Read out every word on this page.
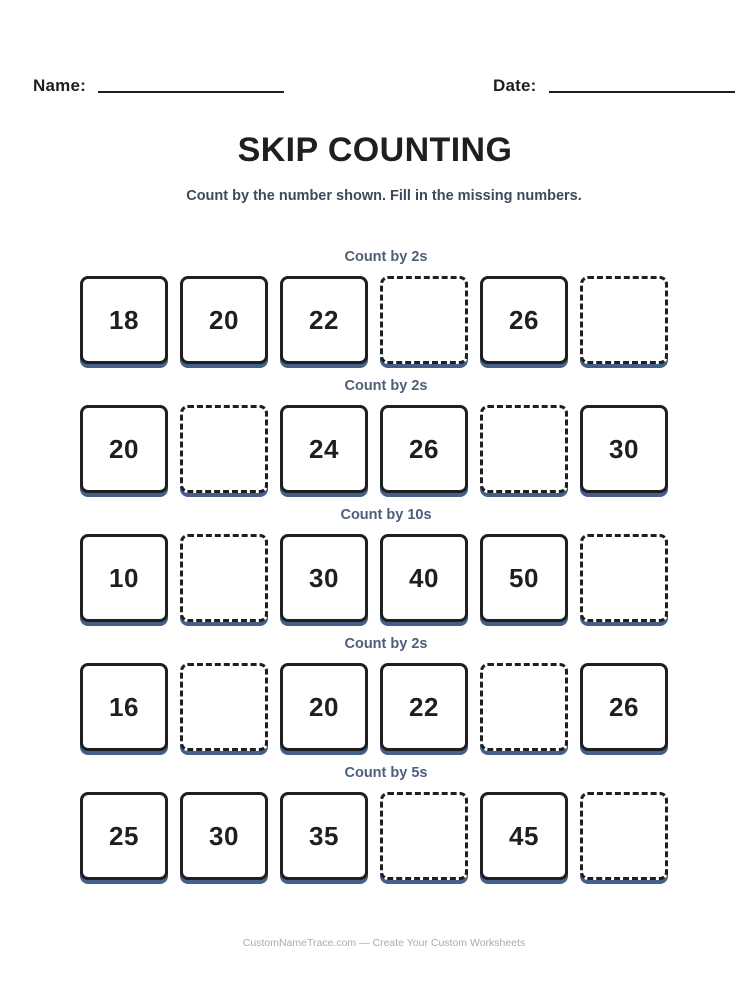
Name:	Date:
SKIP COUNTING

Count by the number shown. Fill in the missing numbers.

Count by 2s
18	20	22	26
Count by 2s
20	24	26	30
Count by 10s
10	30	40	50
Count by 2s
16	20	22	26
Count by 5s
25	30	35	45
CustomNameTrace.com — Create Your Custom Worksheets
